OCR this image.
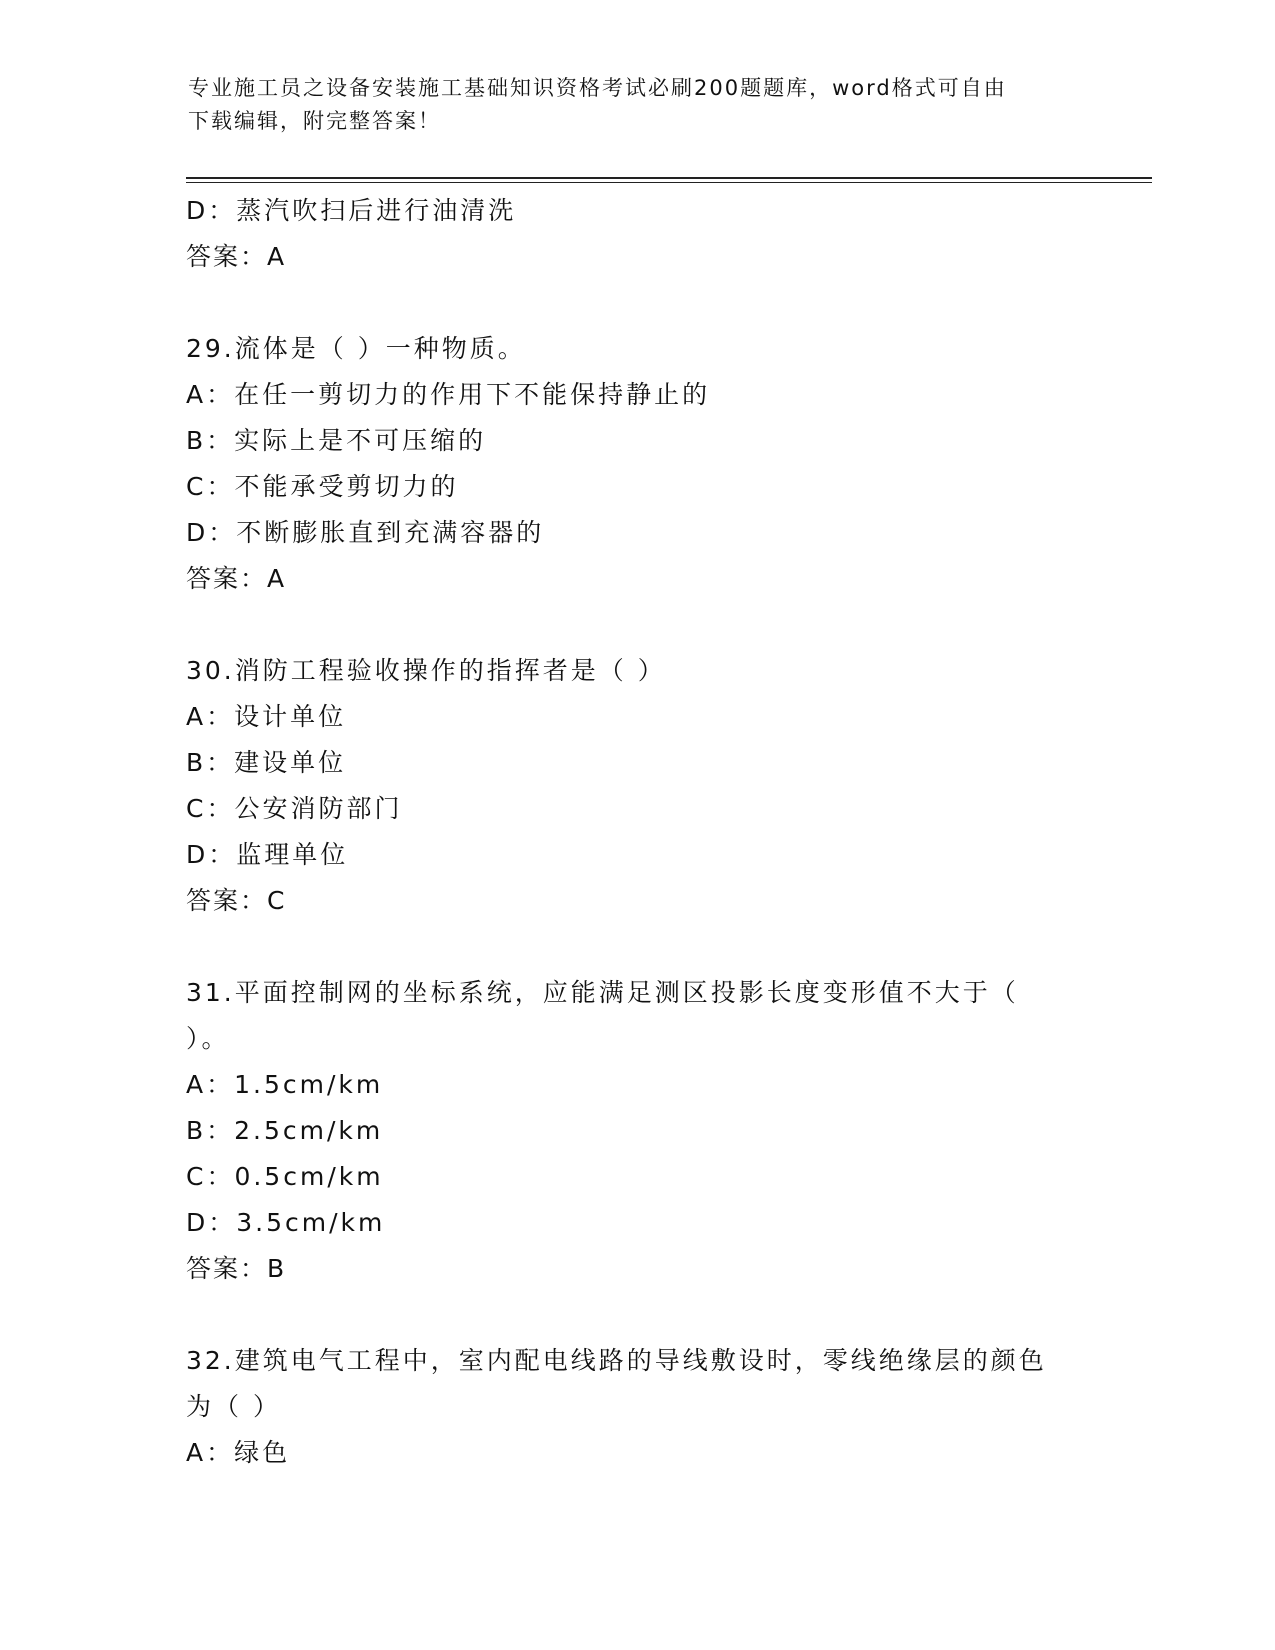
专业施工员之设备安装施工基础知识资格考试必刷200题题库，word格式可自由
下载编辑，附完整答案！
D：蒸汽吹扫后进行油清洗
答案：A
29.流体是（ ）一种物质。
A：在任一剪切力的作用下不能保持静止的
B：实际上是不可压缩的
C：不能承受剪切力的
D：不断膨胀直到充满容器的
答案：A
30.消防工程验收操作的指挥者是（ ）
A：设计单位
B：建设单位
C：公安消防部门
D：监理单位
答案：C
31.平面控制网的坐标系统，应能满足测区投影长度变形值不大于（
）。
A：1.5cm/km
B：2.5cm/km
C：0.5cm/km
D：3.5cm/km
答案：B
32.建筑电气工程中，室内配电线路的导线敷设时，零线绝缘层的颜色
为（ ）
A：绿色
